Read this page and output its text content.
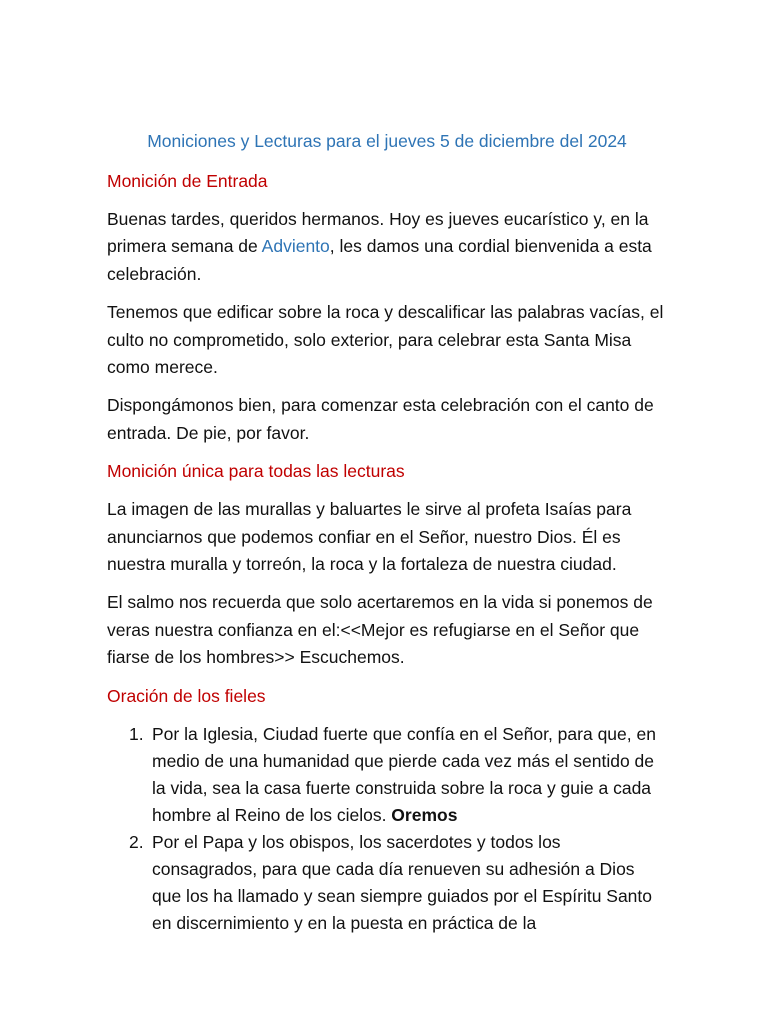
Moniciones y Lecturas para el jueves 5 de diciembre del 2024
Monición de Entrada

Buenas tardes, queridos hermanos. Hoy es jueves eucarístico y, en la primera semana de Adviento, les damos una cordial bienvenida a esta celebración.

Tenemos que edificar sobre la roca y descalificar las palabras vacías, el culto no comprometido, solo exterior, para celebrar esta Santa Misa como merece.

Dispongámonos bien, para comenzar esta celebración con el canto de entrada. De pie, por favor.

Monición única para todas las lecturas

La imagen de las murallas y baluartes le sirve al profeta Isaías para anunciarnos que podemos confiar en el Señor, nuestro Dios. Él es nuestra muralla y torreón, la roca y la fortaleza de nuestra ciudad.

El salmo nos recuerda que solo acertaremos en la vida si ponemos de veras nuestra confianza en el:<<Mejor es refugiarse en el Señor que fiarse de los hombres>> Escuchemos.

Oración de los fieles
1. Por la Iglesia, Ciudad fuerte que confía en el Señor, para que, en medio de una humanidad que pierde cada vez más el sentido de la vida, sea la casa fuerte construida sobre la roca y guie a cada hombre al Reino de los cielos. Oremos
2. Por el Papa y los obispos, los sacerdotes y todos los consagrados, para que cada día renueven su adhesión a Dios que los ha llamado y sean siempre guiados por el Espíritu Santo en discernimiento y en la puesta en práctica de la
